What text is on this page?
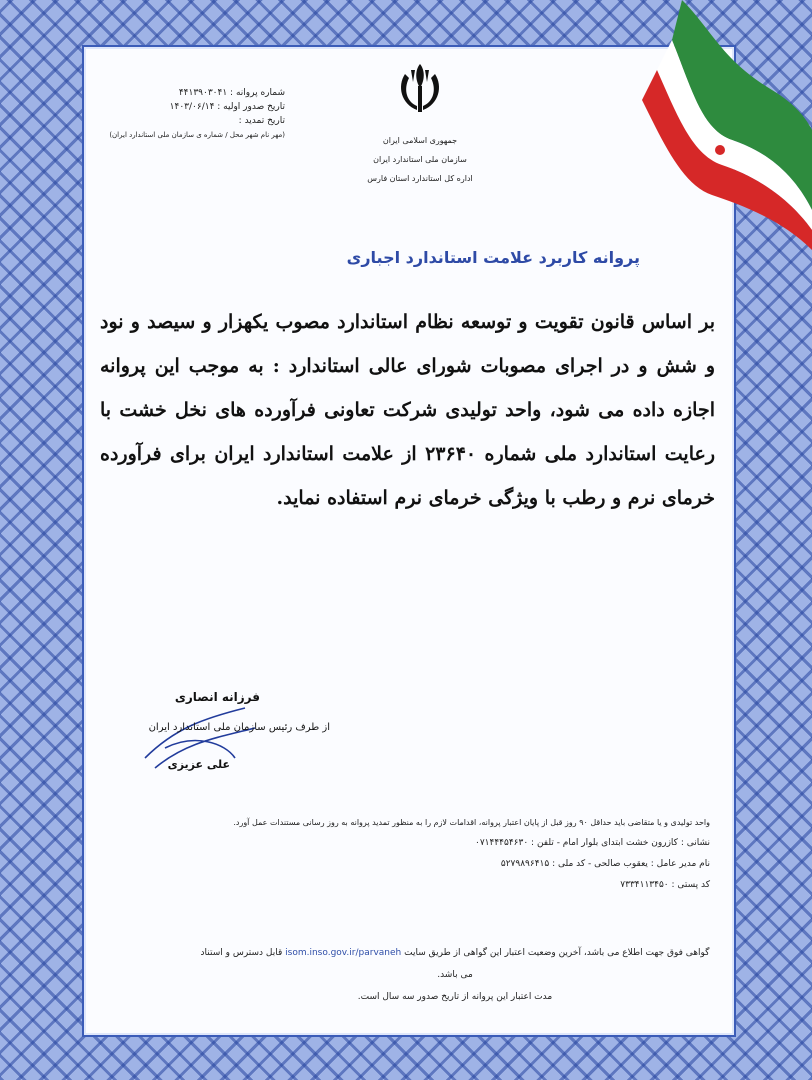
جمهوری اسلامی ایران
سازمان ملی استاندارد ایران
اداره کل استاندارد استان فارس
شماره پروانه : ۴۴۱۳۹۰۳۰۴۱
تاریخ صدور اولیه : ۱۴۰۳/۰۶/۱۴
تاریخ تمدید :
(مهر نام شهر محل / شماره ی سازمان ملی استاندارد ایران)
پروانه کاربرد علامت استاندارد اجباری

بر اساس قانون تقویت و توسعه نظام استاندارد مصوب یکهزار و سیصد و نود و شش و در اجرای مصوبات شورای عالی استاندارد : به موجب این پروانه اجازه داده می شود، واحد تولیدی شرکت تعاونی فرآورده های نخل خشت با رعایت استاندارد ملی شماره ۲۳۶۴۰ از علامت استاندارد ایران برای فرآورده خرمای نرم و رطب با ویژگی خرمای نرم استفاده نماید.

فرزانه انصاری
از طرف رئیس سازمان ملی استاندارد ایران
علی عزیزی
واحد تولیدی و یا متقاضی باید حداقل ۹۰ روز قبل از پایان اعتبار پروانه، اقدامات لازم را به منظور تمدید پروانه به روز رسانی مستندات عمل آورد.
نشانی : کازرون خشت ابتدای بلوار امام - تلفن : ۰۷۱۴۴۴۵۴۶۳۰
نام مدیر عامل : یعقوب صالحی - کد ملی : ۵۲۷۹۸۹۶۴۱۵
کد پستی : ۷۳۳۴۱۱۳۴۵۰
گواهی فوق جهت اطلاع می باشد، آخرین وضعیت اعتبار این گواهی از طریق سایت isom.inso.gov.ir/parvaneh قابل دسترس و استناد می باشد.
مدت اعتبار این پروانه از تاریخ صدور سه سال است.
